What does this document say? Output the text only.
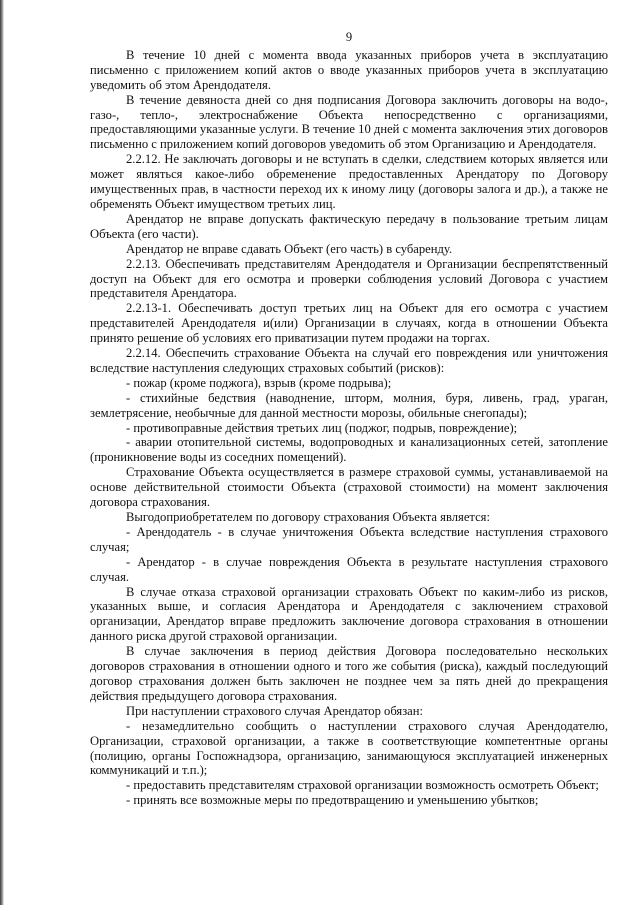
9

В течение 10 дней с момента ввода указанных приборов учета в эксплуатацию письменно с приложением копий актов о вводе указанных приборов учета в эксплуатацию уведомить об этом Арендодателя.

В течение девяноста дней со дня подписания Договора заключить договоры на водо-, газо-, тепло-, электроснабжение Объекта непосредственно с организациями, предоставляющими указанные услуги. В течение 10 дней с момента заключения этих договоров письменно с приложением копий договоров уведомить об этом Организацию и Арендодателя.

2.2.12. Не заключать договоры и не вступать в сделки, следствием которых является или может являться какое-либо обременение предоставленных Арендатору по Договору имущественных прав, в частности переход их к иному лицу (договоры залога и др.), а также не обременять Объект имуществом третьих лиц.

Арендатор не вправе допускать фактическую передачу в пользование третьим лицам Объекта (его части).

Арендатор не вправе сдавать Объект (его часть) в субаренду.

2.2.13. Обеспечивать представителям Арендодателя и Организации беспрепятственный доступ на Объект для его осмотра и проверки соблюдения условий Договора с участием представителя Арендатора.

2.2.13-1. Обеспечивать доступ третьих лиц на Объект для его осмотра с участием представителей Арендодателя и(или) Организации в случаях, когда в отношении Объекта принято решение об условиях его приватизации путем продажи на торгах.

2.2.14. Обеспечить страхование Объекта на случай его повреждения или уничтожения вследствие наступления следующих страховых событий (рисков):

- пожар (кроме поджога), взрыв (кроме подрыва);

- стихийные бедствия (наводнение, шторм, молния, буря, ливень, град, ураган, землетрясение, необычные для данной местности морозы, обильные снегопады);

- противоправные действия третьих лиц (поджог, подрыв, повреждение);

- аварии отопительной системы, водопроводных и канализационных сетей, затопление (проникновение воды из соседних помещений).

Страхование Объекта осуществляется в размере страховой суммы, устанавливаемой на основе действительной стоимости Объекта (страховой стоимости) на момент заключения договора страхования.

Выгодоприобретателем по договору страхования Объекта является:

- Арендодатель - в случае уничтожения Объекта вследствие наступления страхового случая;

- Арендатор - в случае повреждения Объекта в результате наступления страхового случая.

В случае отказа страховой организации страховать Объект по каким-либо из рисков, указанных выше, и согласия Арендатора и Арендодателя с заключением страховой организации, Арендатор вправе предложить заключение договора страхования в отношении данного риска другой страховой организации.

В случае заключения в период действия Договора последовательно нескольких договоров страхования в отношении одного и того же события (риска), каждый последующий договор страхования должен быть заключен не позднее чем за пять дней до прекращения действия предыдущего договора страхования.

При наступлении страхового случая Арендатор обязан:

- незамедлительно сообщить о наступлении страхового случая Арендодателю, Организации, страховой организации, а также в соответствующие компетентные органы (полицию, органы Госпожнадзора, организацию, занимающуюся эксплуатацией инженерных коммуникаций и т.п.);

- предоставить представителям страховой организации возможность осмотреть Объект;

- принять все возможные меры по предотвращению и уменьшению убытков;
